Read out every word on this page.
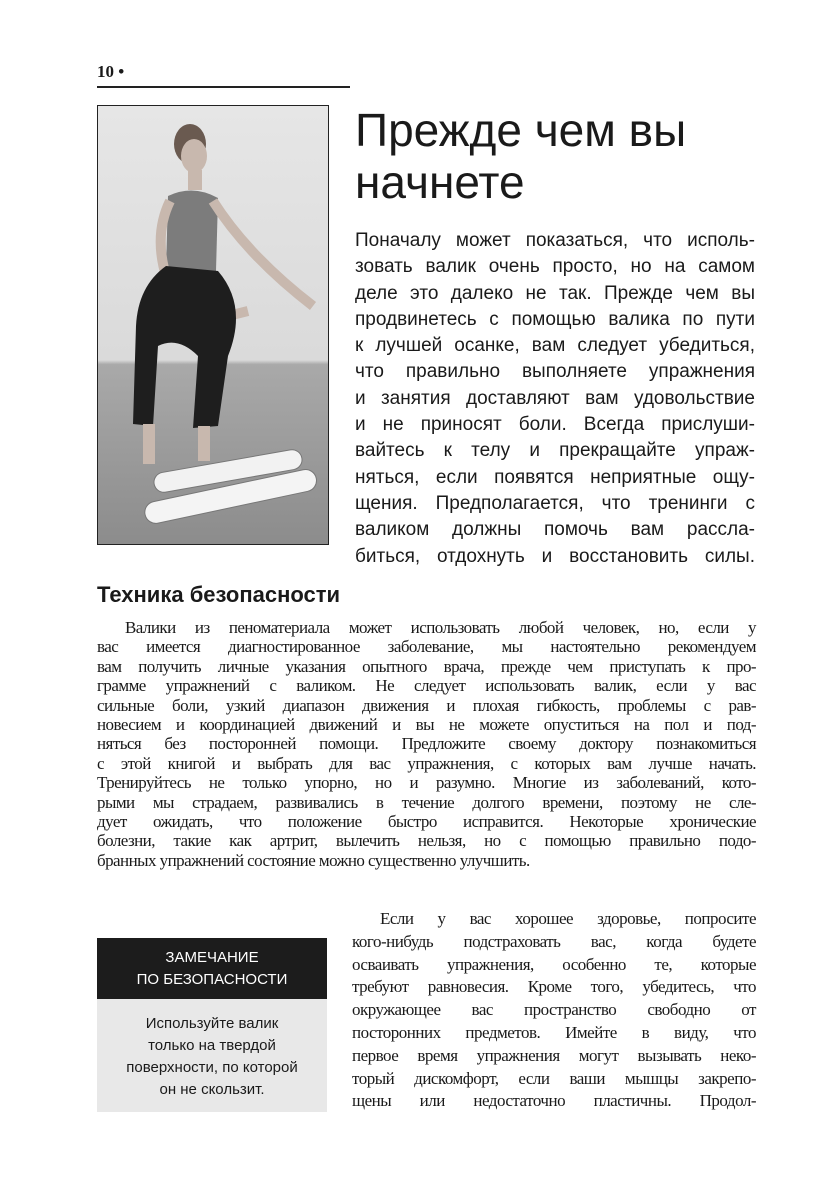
10 •
Прежде чем вы
начнете
Поначалу может показаться, что исполь-
зовать валик очень просто, но на самом
деле это далеко не так. Прежде чем вы
продвинетесь с помощью валика по пути
к лучшей осанке, вам следует убедиться,
что правильно выполняете упражнения
и занятия доставляют вам удовольствие
и не приносят боли. Всегда прислуши-
вайтесь к телу и прекращайте упраж-
няться, если появятся неприятные ощу-
щения. Предполагается, что тренинги с
валиком должны помочь вам расслa-
биться, отдохнуть и восстановить силы.
Техника безопасности
Валики из пеноматериала может использовать любой человек, но, если у
вас имеется диагностированное заболевание, мы настоятельно рекомендуем
вам получить личные указания опытного врача, прежде чем приступать к про-
грамме упражнений с валиком. Не следует использовать валик, если у вас
сильные боли, узкий диапазон движения и плохая гибкость, проблемы с рав-
новесием и координацией движений и вы не можете опуститься на пол и под-
няться без посторонней помощи. Предложите своему доктору познакомиться
с этой книгой и выбрать для вас упражнения, с которых вам лучше начать.
Тренируйтесь не только упорно, но и разумно. Многие из заболеваний, кото-
рыми мы страдаем, развивались в течение долгого времени, поэтому не сле-
дует ожидать, что положение быстро исправится. Некоторые хронические
болезни, такие как артрит, вылечить нельзя, но с помощью правильно подо-
бранных упражнений состояние можно существенно улучшить.
ЗАМЕЧАНИЕ
ПО БЕЗОПАСНОСТИ
Используйте валик
только на твердой
поверхности, по которой
он не скользит.
Если у вас хорошее здоровье, попросите
кого-нибудь подстраховать вас, когда будете
осваивать упражнения, особенно те, которые
требуют равновесия. Кроме того, убедитесь, что
окружающее вас пространство свободно от
посторонних предметов. Имейте в виду, что
первое время упражнения могут вызывать неко-
торый дискомфорт, если ваши мышцы закрепо-
щены или недостаточно пластичны. Продол-
